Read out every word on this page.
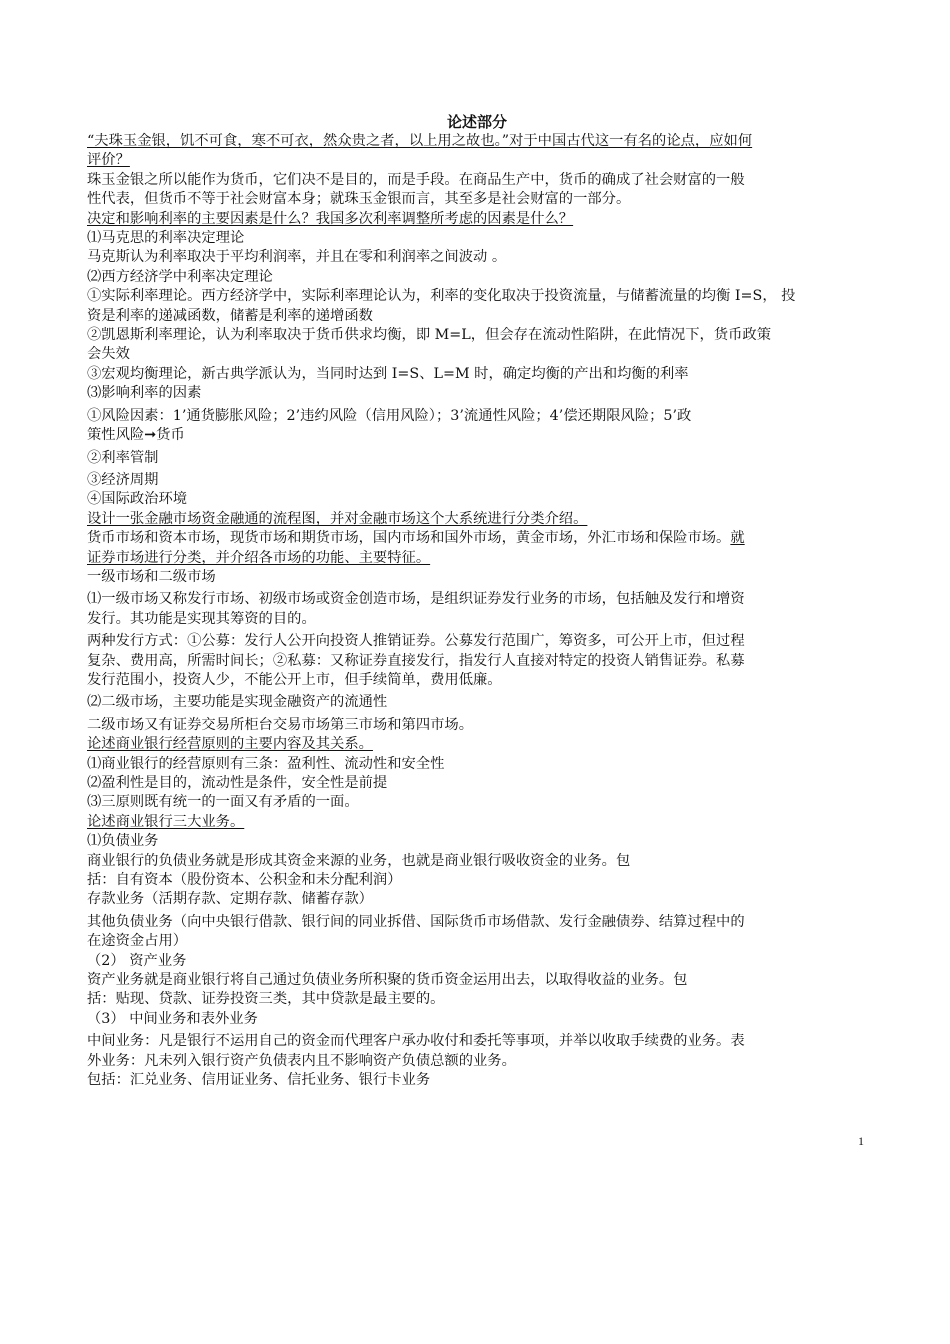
论述部分
“夫珠玉金银，饥不可食，寒不可衣，然众贵之者，以上用之故也。”对于中国古代这一有名的论点，应如何
评价？
珠玉金银之所以能作为货币，它们决不是目的，而是手段。在商品生产中，货币的确成了社会财富的一般
性代表，但货币不等于社会财富本身；就珠玉金银而言，其至多是社会财富的一部分。
决定和影响利率的主要因素是什么？我国多次利率调整所考虑的因素是什么？
⑴马克思的利率决定理论
马克斯认为利率取决于平均利润率，并且在零和利润率之间波动 。
⑵西方经济学中利率决定理论
①实际利率理论。西方经济学中，实际利率理论认为，利率的变化取决于投资流量，与储蓄流量的均衡 I=S， 投
资是利率的递减函数，储蓄是利率的递增函数
②凯恩斯利率理论，认为利率取决于货币供求均衡，即 M=L，但会存在流动性陷阱，在此情况下，货币政策
会失效
③宏观均衡理论，新古典学派认为，当同时达到 I=S、L=M 时，确定均衡的产出和均衡的利率
⑶影响利率的因素
①风险因素：1’通货膨胀风险；2’违约风险（信用风险）；3’流通性风险；4’偿还期限风险；5’政
策性风险➞货币
②利率管制
③经济周期
④国际政治环境
设计一张金融市场资金融通的流程图，并对金融市场这个大系统进行分类介绍。
货币市场和资本市场，现货市场和期货市场，国内市场和国外市场，黄金市场，外汇市场和保险市场。就
证券市场进行分类，并介绍各市场的功能、主要特征。
一级市场和二级市场
⑴一级市场又称发行市场、初级市场或资金创造市场，是组织证券发行业务的市场，包括触及发行和增资
发行。其功能是实现其筹资的目的。
两种发行方式：①公募：发行人公开向投资人推销证券。公募发行范围广，筹资多，可公开上市，但过程
复杂、费用高，所需时间长；②私募：又称证券直接发行，指发行人直接对特定的投资人销售证券。私募
发行范围小，投资人少，不能公开上市，但手续简单，费用低廉。
⑵二级市场，主要功能是实现金融资产的流通性
二级市场又有证券交易所柜台交易市场第三市场和第四市场。
论述商业银行经营原则的主要内容及其关系。
⑴商业银行的经营原则有三条：盈利性、流动性和安全性
⑵盈利性是目的，流动性是条件，安全性是前提
⑶三原则既有统一的一面又有矛盾的一面。
论述商业银行三大业务。
⑴负债业务
商业银行的负债业务就是形成其资金来源的业务，也就是商业银行吸收资金的业务。包
括：自有资本（股份资本、公积金和未分配利润）
存款业务（活期存款、定期存款、储蓄存款）
其他负债业务（向中央银行借款、银行间的同业拆借、国际货币市场借款、发行金融债券、结算过程中的
在途资金占用）
（2） 资产业务
资产业务就是商业银行将自己通过负债业务所积聚的货币资金运用出去，以取得收益的业务。包
括：贴现、贷款、证券投资三类，其中贷款是最主要的。
（3） 中间业务和表外业务
中间业务：凡是银行不运用自己的资金而代理客户承办收付和委托等事项，并举以收取手续费的业务。表
外业务：凡未列入银行资产负债表内且不影响资产负债总额的业务。
包括：汇兑业务、信用证业务、信托业务、银行卡业务
1
